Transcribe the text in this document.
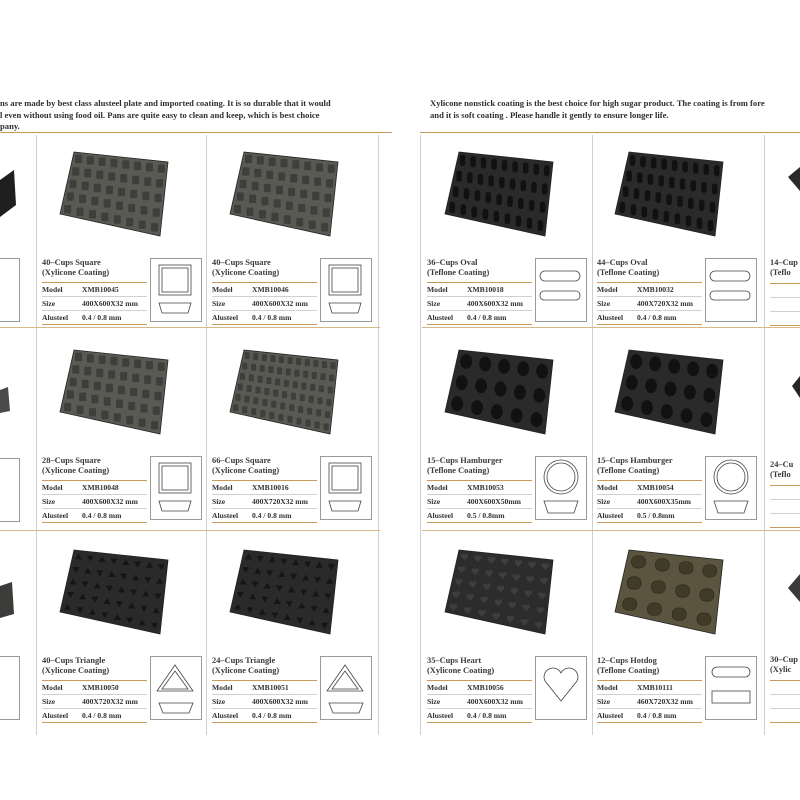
ns are made by best class alusteel plate and imported coating. It is so durable that it would
l even without using food oil. Pans are quite easy to clean and keep, which is best choice
pany.
Xylicone nonstick coating is the best choice for high sugar product. The coating is from fore
and it is soft coating . Please handle it gently to ensure longer life.
14–Cup
(Teflo
24–Cu
(Teflo
30–Cup
(Xylic
40–Cups Square
(Xylicone Coating)
Model	XMB10045
Size	400X600X32 mm
Alusteel 0.4 / 0.8 mm
40–Cups Square
(Xylicone Coating)
Model	XMB10046
Size	400X600X32 mm
Alusteel 0.4 / 0.8 mm
28–Cups Square
(Xylicone Coating)
Model	XMB10048
Size	400X600X32 mm
Alusteel 0.4 / 0.8 mm
66–Cups Square
(Xylicone Coating)
Model	XMB10016
Size	400X720X32 mm
Alusteel 0.4 / 0.8 mm
40–Cups Triangle
(Xylicone Coating)
Model	XMB10050
Size	400X720X32 mm
Alusteel 0.4 / 0.8 mm
24–Cups Triangle
(Xylicone Coating)
Model	XMB10051
Size	400X600X32 mm
Alusteel 0.4 / 0.8 mm
36–Cups Oval
(Teflone Coating)
Model	XMB10018
Size	400X600X32 mm
Alusteel 0.4 / 0.8 mm
44–Cups Oval
(Teflone Coating)
Model	XMB10032
Size	400X720X32 mm
Alusteel 0.4 / 0.8 mm
15–Cups Hamburger
(Teflone Coating)
Model	XMB10053
Size	400X600X50mm
Alusteel 0.5 / 0.8mm
15–Cups Hamburger
(Teflone Coating)
Model	XMB10054
Size	400X600X35mm
Alusteel 0.5 / 0.8mm
35–Cups Heart
(Xylicone Coating)
Model	XMB10056
Size	400X600X32 mm
Alusteel 0.4 / 0.8 mm
12–Cups Hotdog
(Teflone Coating)
Model	XMB10111
Size	460X720X32 mm
Alusteel 0.4 / 0.8 mm
